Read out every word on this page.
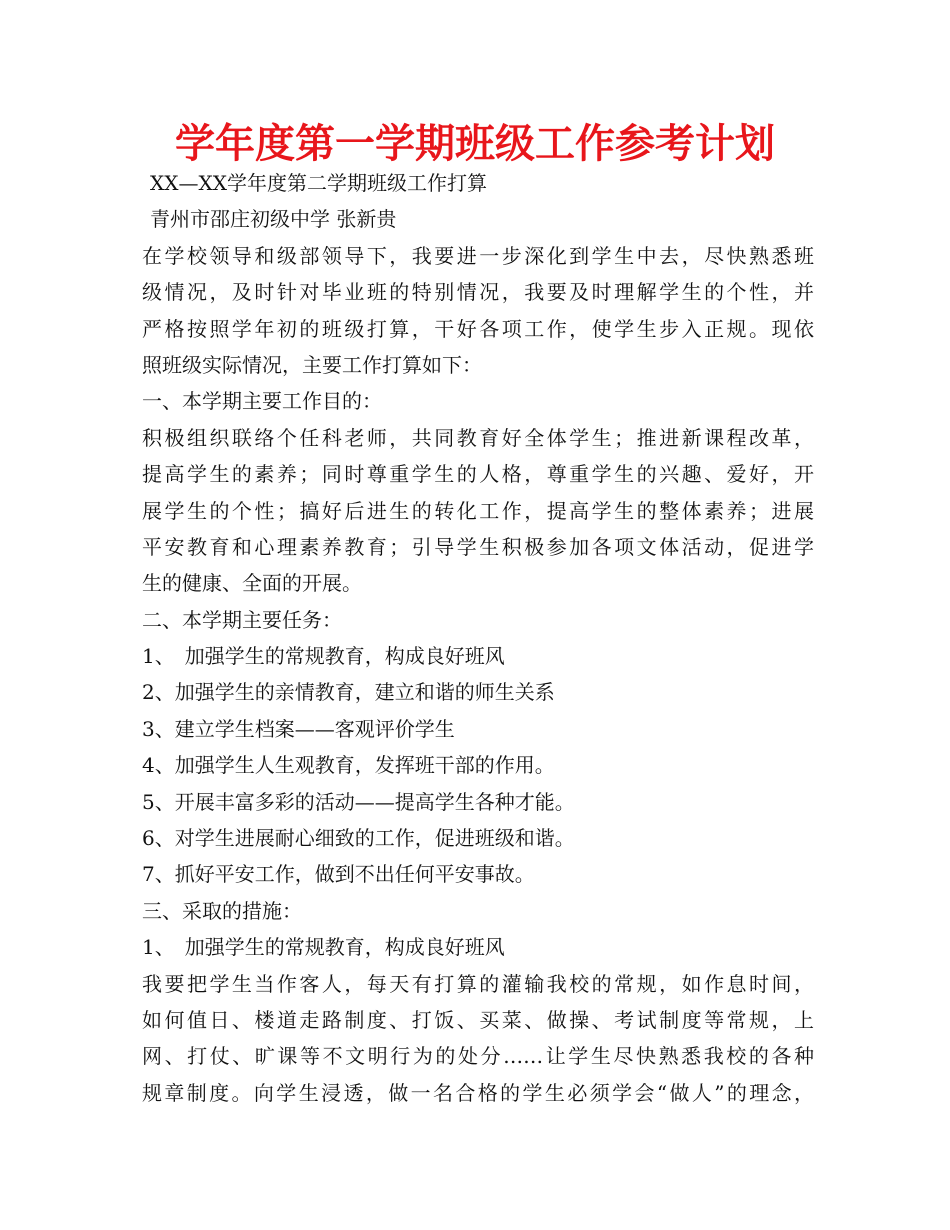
学年度第一学期班级工作参考计划
XX—XX学年度第二学期班级工作打算
青州市邵庄初级中学 张新贵
在学校领导和级部领导下，我要进一步深化到学生中去，尽快熟悉班
级情况，及时针对毕业班的特别情况，我要及时理解学生的个性，并
严格按照学年初的班级打算，干好各项工作，使学生步入正规。现依
照班级实际情况，主要工作打算如下：
一、本学期主要工作目的：
积极组织联络个任科老师，共同教育好全体学生；推进新课程改革，
提高学生的素养；同时尊重学生的人格，尊重学生的兴趣、爱好，开
展学生的个性；搞好后进生的转化工作，提高学生的整体素养；进展
平安教育和心理素养教育；引导学生积极参加各项文体活动，促进学
生的健康、全面的开展。
二、本学期主要任务：
1、　加强学生的常规教育，构成良好班风
2、加强学生的亲情教育，建立和谐的师生关系
3、建立学生档案——客观评价学生
4、加强学生人生观教育，发挥班干部的作用。
5、开展丰富多彩的活动——提高学生各种才能。
6、对学生进展耐心细致的工作，促进班级和谐。
7、抓好平安工作，做到不出任何平安事故。
三、采取的措施：
1、　加强学生的常规教育，构成良好班风
我要把学生当作客人，每天有打算的灌输我校的常规，如作息时间，
如何值日、楼道走路制度、打饭、买菜、做操、考试制度等常规，上
网、打仗、旷课等不文明行为的处分……让学生尽快熟悉我校的各种
规章制度。向学生浸透，做一名合格的学生必须学会“做人”的理念，
